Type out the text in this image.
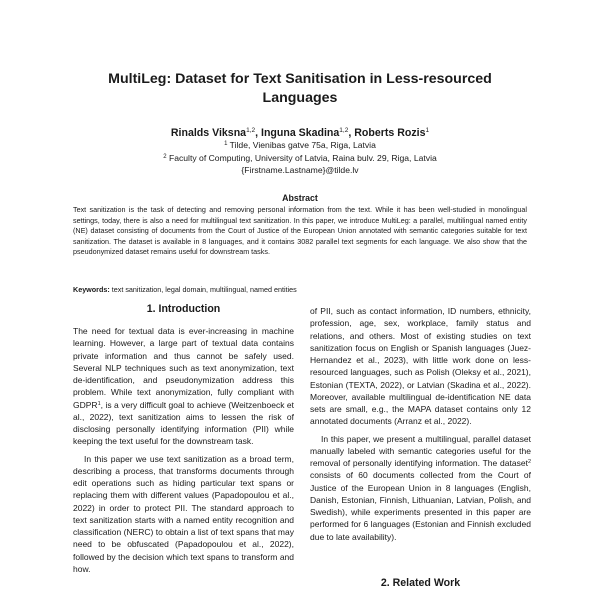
MultiLeg: Dataset for Text Sanitisation in Less-resourced
Languages
Rinalds Viksna$^{1,2}$, Inguna Skadina$^{1,2}$, Roberts Rozis$^1$
$^1$ Tilde, Vienibas gatve 75a, Riga, Latvia
$^2$ Faculty of Computing, University of Latvia, Raina bulv. 29, Riga, Latvia
{Firstname.Lastname}@tilde.lv
Abstract
Text sanitization is the task of detecting and removing personal information from the text. While it has been well-studied in monolingual settings, today, there is also a need for multilingual text sanitization. In this paper, we introduce MultiLeg: a parallel, multilingual named entity (NE) dataset consisting of documents from the Court of Justice of the European Union annotated with semantic categories suitable for text sanitization. The dataset is available in 8 languages, and it contains 3082 parallel text segments for each language. We also show that the pseudonymized dataset remains useful for downstream tasks.
Keywords: text sanitization, legal domain, multilingual, named entities
1. Introduction

The need for textual data is ever-increasing in machine learning. However, a large part of textual data contains private information and thus cannot be safely used. Several NLP techniques such as text anonymization, text de-identification, and pseudonymization address this problem. While text anonymization, fully compliant with GDPR$^1$, is a very difficult goal to achieve (Weitzenboeck et al., 2022), text sanitization aims to lessen the risk of disclosing personally identifying information (PII) while keeping the text useful for the downstream task.

In this paper we use text sanitization as a broad term, describing a process, that transforms documents through edit operations such as hiding particular text spans or replacing them with different values (Papadopoulou et al., 2022) in order to protect PII. The standard approach to text sanitization starts with a named entity recognition and classification (NERC) to obtain a list of text spans that may need to be obfuscated (Papadopoulou et al., 2022), followed by the decision which text spans to transform and how.

of PII, such as contact information, ID numbers, ethnicity, profession, age, sex, workplace, family status and relations, and others. Most of existing studies on text sanitization focus on English or Spanish languages (Juez-Hernandez et al., 2023), with little work done on less-resourced languages, such as Polish (Oleksy et al., 2021), Estonian (TEXTA, 2022), or Latvian (Skadina et al., 2022). Moreover, available multilingual de-identification NE data sets are small, e.g., the MAPA dataset contains only 12 annotated documents (Arranz et al., 2022).

In this paper, we present a multilingual, parallel dataset manually labeled with semantic categories useful for the removal of personally identifying information. The dataset$^2$ consists of 60 documents collected from the Court of Justice of the European Union in 8 languages (English, Danish, Estonian, Finnish, Lithuanian, Latvian, Polish, and Swedish), while experiments presented in this paper are performed for 6 languages (Estonian and Finnish excluded due to late availability).

2. Related Work
